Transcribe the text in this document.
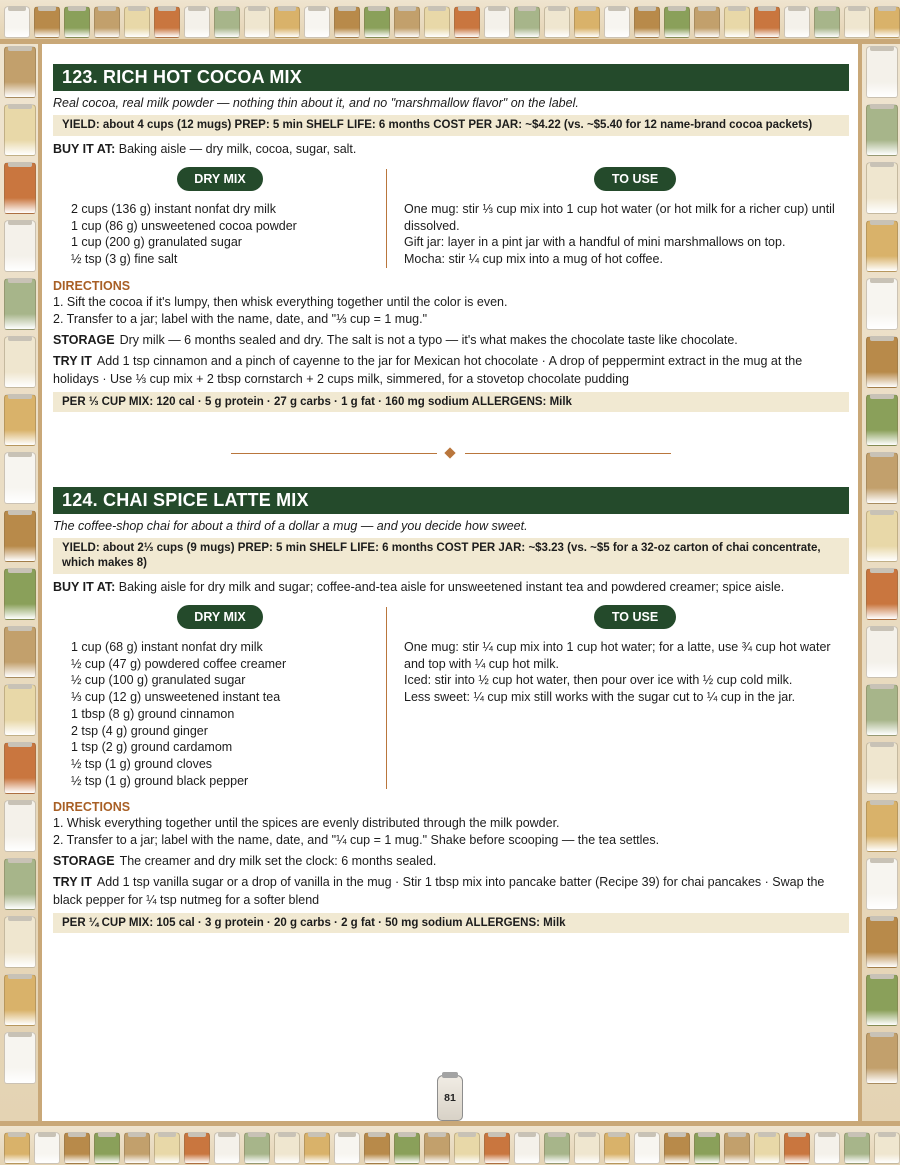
123. RICH HOT COCOA MIX
Real cocoa, real milk powder — nothing thin about it, and no "marshmallow flavor" on the label.
YIELD: about 4 cups (12 mugs) PREP: 5 min SHELF LIFE: 6 months COST PER JAR: ~$4.22 (vs. ~$5.40 for 12 name-brand cocoa packets)
BUY IT AT: Baking aisle — dry milk, cocoa, sugar, salt.
DRY MIX
2 cups (136 g) instant nonfat dry milk
1 cup (86 g) unsweetened cocoa powder
1 cup (200 g) granulated sugar
½ tsp (3 g) fine salt
TO USE

One mug: stir ⅓ cup mix into 1 cup hot water (or hot milk for a richer cup) until dissolved.

Gift jar: layer in a pint jar with a handful of mini marshmallows on top.

Mocha: stir ¼ cup mix into a mug of hot coffee.

DIRECTIONS
1. Sift the cocoa if it's lumpy, then whisk everything together until the color is even.
2. Transfer to a jar; label with the name, date, and "⅓ cup = 1 mug."
STORAGE Dry milk — 6 months sealed and dry. The salt is not a typo — it's what makes the chocolate taste like chocolate.
TRY IT Add 1 tsp cinnamon and a pinch of cayenne to the jar for Mexican hot chocolate · A drop of peppermint extract in the mug at the holidays · Use ⅓ cup mix + 2 tbsp cornstarch + 2 cups milk, simmered, for a stovetop chocolate pudding
PER ⅓ CUP MIX: 120 cal · 5 g protein · 27 g carbs · 1 g fat · 160 mg sodium ALLERGENS: Milk
124. CHAI SPICE LATTE MIX
The coffee-shop chai for about a third of a dollar a mug — and you decide how sweet.
YIELD: about 2⅓ cups (9 mugs) PREP: 5 min SHELF LIFE: 6 months COST PER JAR: ~$3.23 (vs. ~$5 for a 32-oz carton of chai concentrate, which makes 8)
BUY IT AT: Baking aisle for dry milk and sugar; coffee-and-tea aisle for unsweetened instant tea and powdered creamer; spice aisle.
DRY MIX
1 cup (68 g) instant nonfat dry milk
½ cup (47 g) powdered coffee creamer
½ cup (100 g) granulated sugar
⅓ cup (12 g) unsweetened instant tea
1 tbsp (8 g) ground cinnamon
2 tsp (4 g) ground ginger
1 tsp (2 g) ground cardamom
½ tsp (1 g) ground cloves
½ tsp (1 g) ground black pepper
TO USE

One mug: stir ¼ cup mix into 1 cup hot water; for a latte, use ¾ cup hot water and top with ¼ cup hot milk.

Iced: stir into ½ cup hot water, then pour over ice with ½ cup cold milk.

Less sweet: ¼ cup mix still works with the sugar cut to ¼ cup in the jar.

DIRECTIONS
1. Whisk everything together until the spices are evenly distributed through the milk powder.
2. Transfer to a jar; label with the name, date, and "¼ cup = 1 mug." Shake before scooping — the tea settles.
STORAGE The creamer and dry milk set the clock: 6 months sealed.
TRY IT Add 1 tsp vanilla sugar or a drop of vanilla in the mug · Stir 1 tbsp mix into pancake batter (Recipe 39) for chai pancakes · Swap the black pepper for ¼ tsp nutmeg for a softer blend
PER ¼ CUP MIX: 105 cal · 3 g protein · 20 g carbs · 2 g fat · 50 mg sodium ALLERGENS: Milk
81
